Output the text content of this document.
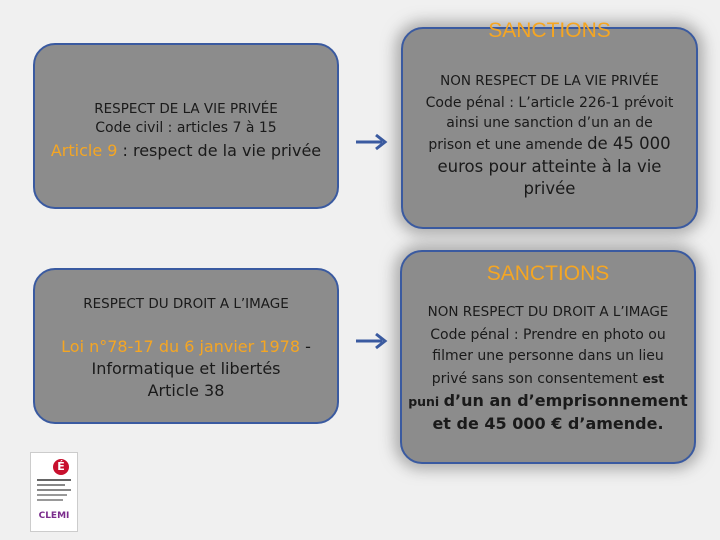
RESPECT DE LA VIE PRIVÉE
Code civil : articles 7 à 15
Article 9 : respect de la vie privée
SANCTIONS
NON RESPECT DE LA VIE PRIVÉE
Code pénal : L’article 226-1 prévoit
ainsi une sanction d’un an de
prison et une amende de 45 000
euros pour atteinte à la vie
privée
RESPECT DU DROIT A L’IMAGE
Loi n°78-17 du 6 janvier 1978 -
Informatique et libertés
Article 38
SANCTIONS
NON RESPECT DU DROIT A L’IMAGE
Code pénal : Prendre en photo ou
filmer une personne dans un lieu
privé sans son consentement est
puni d’un an d’emprisonnement
et de 45 000 € d’amende.
É
CLEMI
